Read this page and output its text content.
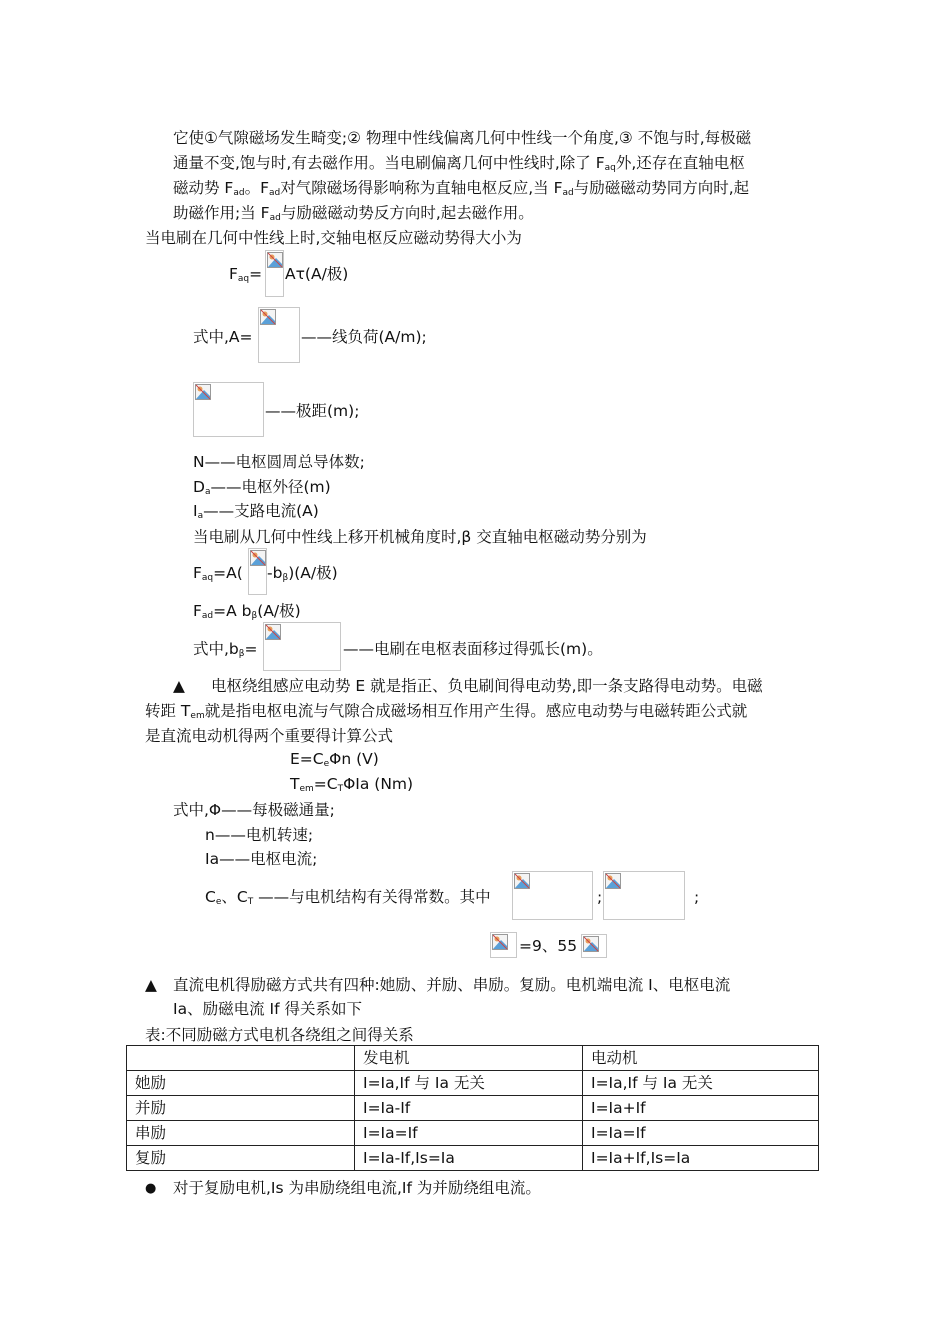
它使①气隙磁场发生畸变;② 物理中性线偏离几何中性线一个角度,③ 不饱与时,每极磁
通量不变,饱与时,有去磁作用。当电刷偏离几何中性线时,除了 $F_{aq}$外,还存在直轴电枢
磁动势 $F_{ad}$。$F_{ad}$对气隙磁场得影响称为直轴电枢反应,当 $F_{ad}$与励磁磁动势同方向时,起
助磁作用;当 $F_{ad}$与励磁磁动势反方向时,起去磁作用。
当电刷在几何中性线上时,交轴电枢反应磁动势得大小为
$F_{aq}= A\tau(A/$极)
式中,A=	——线负荷(A/m);
——极距(m);
N——电枢圆周总导体数;
$D_a——$电枢外径(m)
$I_a——$支路电流(A)
当电刷从几何中性线上移开机械角度时,β 交直轴电枢磁动势分别为
$F_{aq}=A$( $-b_\beta)(A/$极)
$F_{ad}=A$ $b_\beta(A/$极)
式中$,b_\beta=$	——电刷在电枢表面移过得弧长(m)。
▲ 电枢绕组感应电动势 E 就是指正、负电刷间得电动势,即一条支路得电动势。电磁
转距 $T_{em}$就是指电枢电流与气隙合成磁场相互作用产生得。感应电动势与电磁转距公式就
是直流电动机得两个重要得计算公式
$E=C_e\Phi n$ (V)
$T_{em}=C_T\Phi Ia$ (Nm)
式中,Φ——每极磁通量;
n——电机转速;
Ia——电枢电流;
$C_e$、$C_T$ ——与电机结构有关得常数。其中	;	;
=9、55
▲ 直流电机得励磁方式共有四种:她励、并励、串励。复励。电机端电流 I、电枢电流
Ia、励磁电流 If 得关系如下
表:不同励磁方式电机各绕组之间得关系
	发电机	电动机
她励	I=Ia,If 与 Ia 无关	I=Ia,If 与 Ia 无关
并励	I=Ia-If	I=Ia+If
串励	I=Ia=If	I=Ia=If
复励	I=Ia-If,Is=Ia	I=Ia+If,Is=Ia
● 对于复励电机,Is 为串励绕组电流,If 为并励绕组电流。
